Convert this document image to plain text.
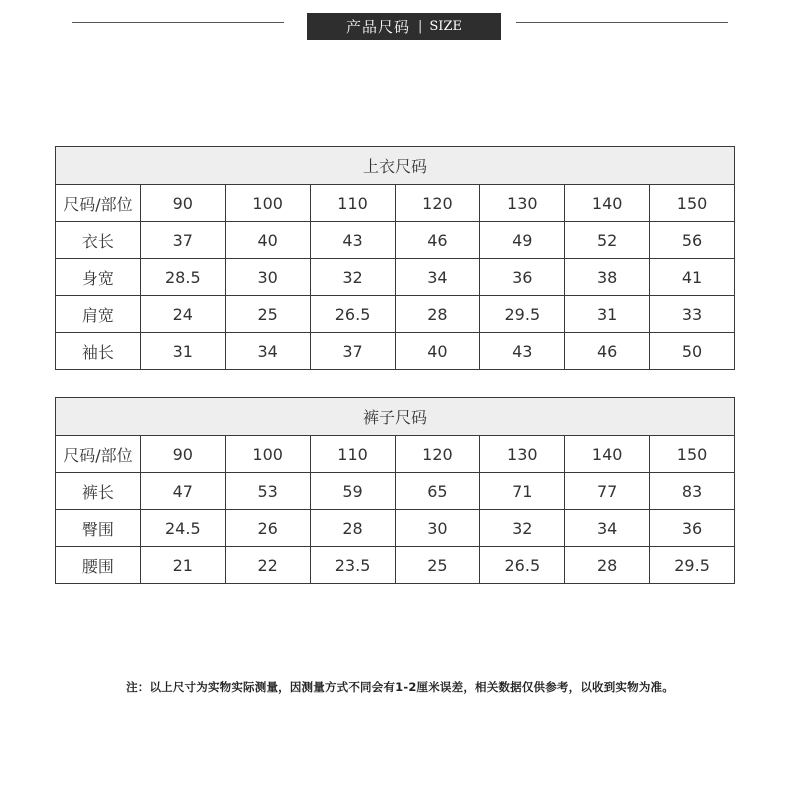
产品尺码 | SIZE
上衣尺码							
尺码/部位	90	100	110	120	130	140	150
衣长	37	40	43	46	49	52	56
身宽	28.5	30	32	34	36	38	41
肩宽	24	25	26.5	28	29.5	31	33
袖长	31	34	37	40	43	46	50
裤子尺码							
尺码/部位	90	100	110	120	130	140	150
裤长	47	53	59	65	71	77	83
臀围	24.5	26	28	30	32	34	36
腰围	21	22	23.5	25	26.5	28	29.5
注：以上尺寸为实物实际测量，因测量方式不同会有1-2厘米误差，相关数据仅供参考，以收到实物为准。
